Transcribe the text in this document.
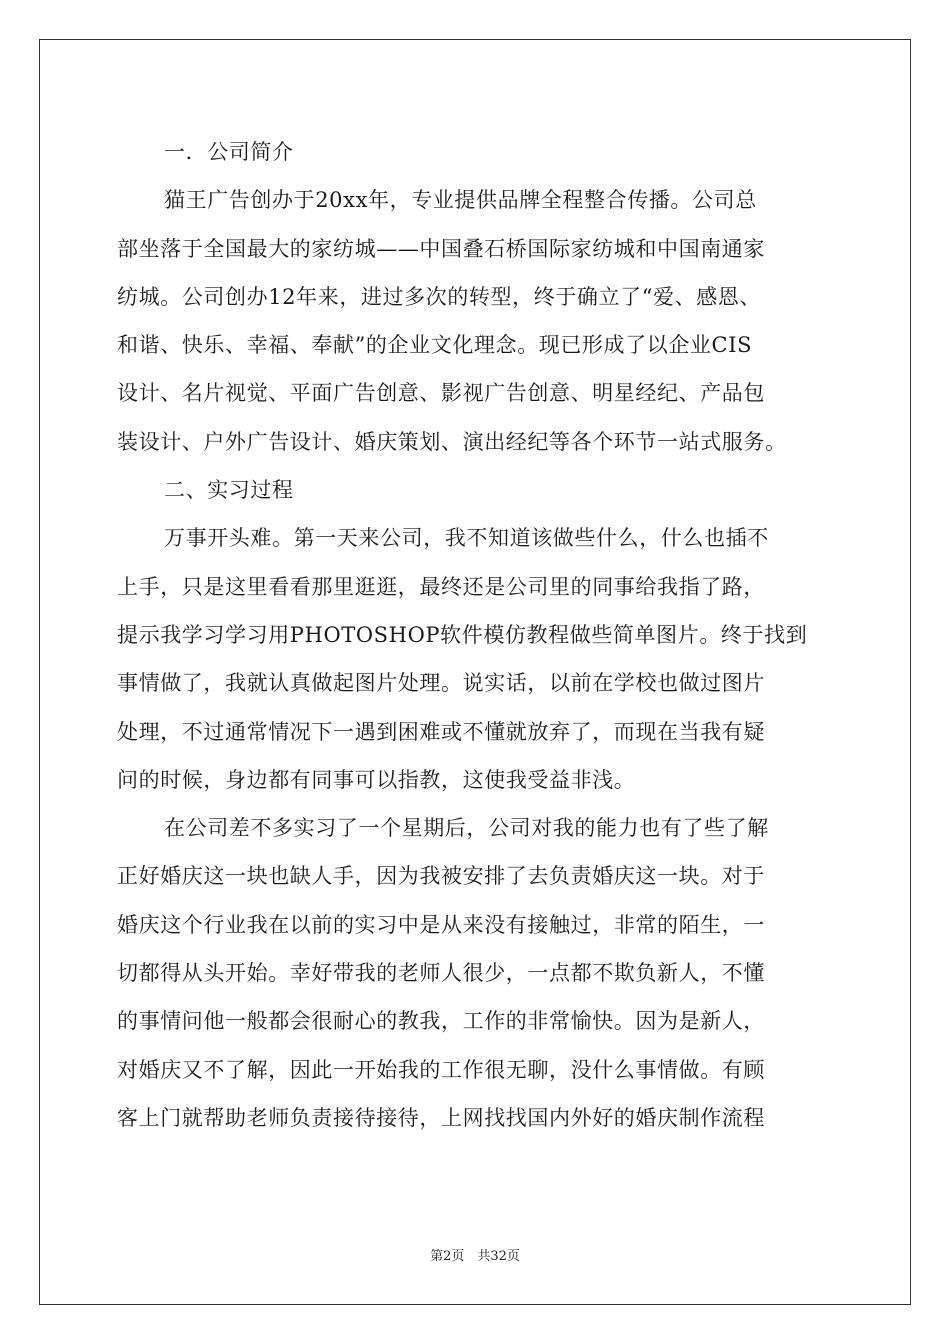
一．公司简介
猫王广告创办于20xx年，专业提供品牌全程整合传播。公司总
部坐落于全国最大的家纺城——中国叠石桥国际家纺城和中国南通家
纺城。公司创办12年来，进过多次的转型，终于确立了“爱、感恩、
和谐、快乐、幸福、奉献”的企业文化理念。现已形成了以企业CIS
设计、名片视觉、平面广告创意、影视广告创意、明星经纪、产品包
装设计、户外广告设计、婚庆策划、演出经纪等各个环节一站式服务。
二、实习过程
万事开头难。第一天来公司，我不知道该做些什么，什么也插不
上手，只是这里看看那里逛逛，最终还是公司里的同事给我指了路，
提示我学习学习用PHOTOSHOP软件模仿教程做些简单图片。终于找到
事情做了，我就认真做起图片处理。说实话，以前在学校也做过图片
处理，不过通常情况下一遇到困难或不懂就放弃了，而现在当我有疑
问的时候，身边都有同事可以指教，这使我受益非浅。
在公司差不多实习了一个星期后，公司对我的能力也有了些了解
正好婚庆这一块也缺人手，因为我被安排了去负责婚庆这一块。对于
婚庆这个行业我在以前的实习中是从来没有接触过，非常的陌生，一
切都得从头开始。幸好带我的老师人很少，一点都不欺负新人，不懂
的事情问他一般都会很耐心的教我，工作的非常愉快。因为是新人，
对婚庆又不了解，因此一开始我的工作很无聊，没什么事情做。有顾
客上门就帮助老师负责接待接待，上网找找国内外好的婚庆制作流程
第2页　共32页
